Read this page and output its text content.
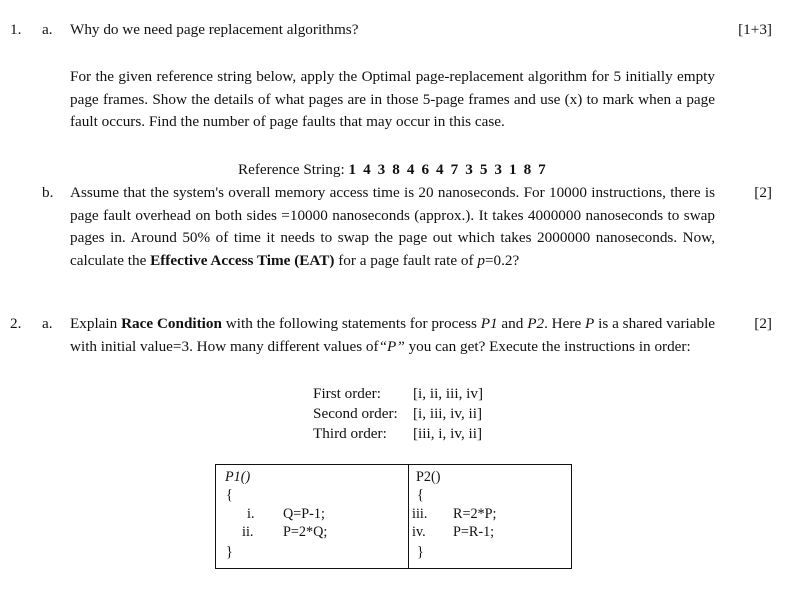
1. a. Why do we need page replacement algorithms?	[1+3]
For the given reference string below, apply the Optimal page-replacement algorithm for 5 initially empty page frames. Show the details of what pages are in those 5-page frames and use (x) to mark when a page fault occurs. Find the number of page faults that may occur in this case.
Reference String: 1 4 3 8 4 6 4 7 3 5 3 1 8 7
b.	[2]
Assume that the system's overall memory access time is 20 nanoseconds. For 10000 instructions, there is page fault overhead on both sides =10000 nanoseconds (approx.). It takes 4000000 nanoseconds to swap pages in. Around 50% of time it needs to swap the page out which takes 2000000 nanoseconds. Now, calculate the Effective Access Time (EAT) for a page fault rate of p=0.2?
2. a.	[2]
Explain Race Condition with the following statements for process P1 and P2. Here P is a shared variable with initial value=3. How many different values of“P” you can get? Execute the instructions in order:
First order:	[i, ii, iii, iv]
Second order:	[i, iii, iv, ii]
Third order:	[iii, i, iv, ii]
P1()
{
i. Q=P-1;
ii. P=2*Q;
}
P2()
{
iii. R=2*P;
iv. P=R-1;
}
